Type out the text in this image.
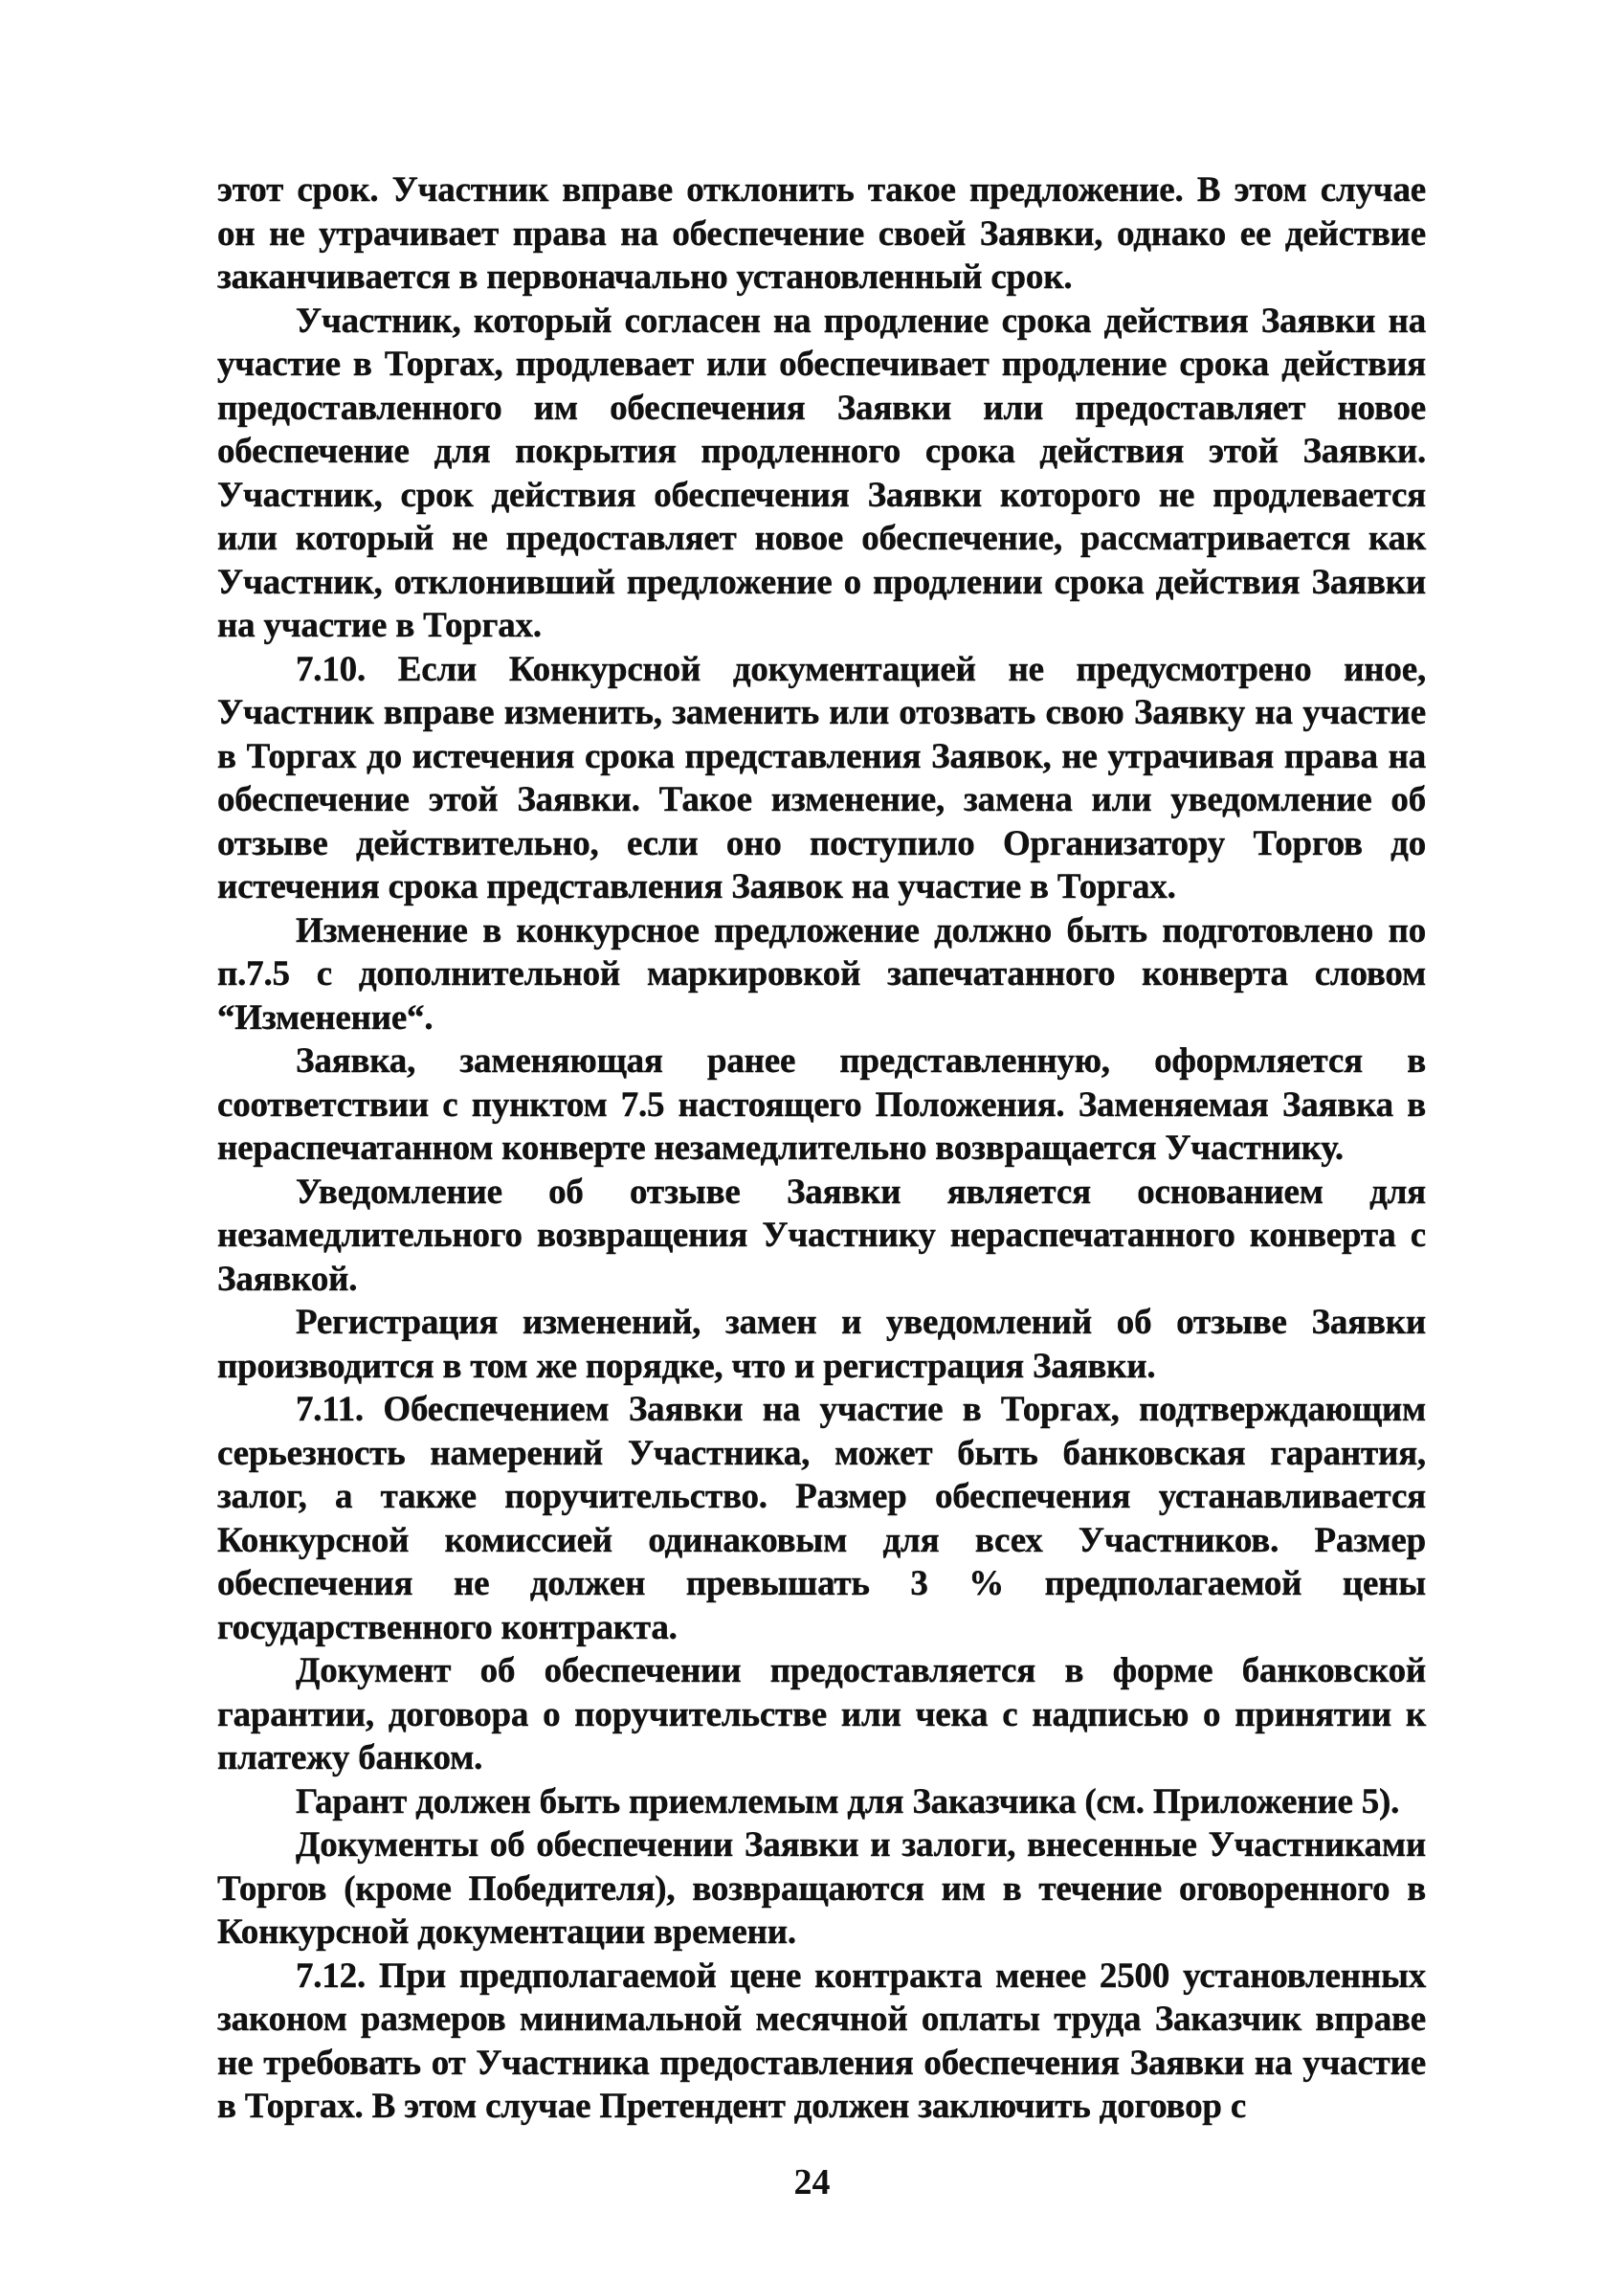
этот срок. Участник вправе отклонить такое предложение. В этом случае он не утрачивает права на обеспечение своей Заявки, однако ее действие заканчивается в первоначально установленный срок.

Участник, который согласен на продление срока действия Заявки на участие в Торгах, продлевает или обеспечивает продление срока действия предоставленного им обеспечения Заявки или предоставляет новое обеспечение для покрытия продленного срока действия этой Заявки. Участник, срок действия обеспечения Заявки которого не продлевается или который не предоставляет новое обеспечение, рассматривается как Участник, отклонивший предложение о продлении срока действия Заявки на участие в Торгах.

7.10. Если Конкурсной документацией не предусмотрено иное, Участник вправе изменить, заменить или отозвать свою Заявку на участие в Торгах до истечения срока представления Заявок, не утрачивая права на обеспечение этой Заявки. Такое изменение, замена или уведомление об отзыве действительно, если оно поступило Организатору Торгов до истечения срока представления Заявок на участие в Торгах.

Изменение в конкурсное предложение должно быть подготовлено по п.7.5 с дополнительной маркировкой запечатанного конверта словом “Изменение“.

Заявка, заменяющая ранее представленную, оформляется в соответствии с пунктом 7.5 настоящего Положения. Заменяемая Заявка в нераспечатанном конверте незамедлительно возвращается Участнику.

Уведомление об отзыве Заявки является основанием для незамедлительного возвращения Участнику нераспечатанного конверта с Заявкой.

Регистрация изменений, замен и уведомлений об отзыве Заявки производится в том же порядке, что и регистрация Заявки.

7.11. Обеспечением Заявки на участие в Торгах, подтверждающим серьезность намерений Участника, может быть банковская гарантия, залог, а также поручительство. Размер обеспечения устанавливается Конкурсной комиссией одинаковым для всех Участников. Размер обеспечения не должен превышать 3 % предполагаемой цены государственного контракта.

Документ об обеспечении предоставляется в форме банковской гарантии, договора о поручительстве или чека с надписью о принятии к платежу банком.

Гарант должен быть приемлемым для Заказчика (см. Приложение 5).

Документы об обеспечении Заявки и залоги, внесенные Участниками Торгов (кроме Победителя), возвращаются им в течение оговоренного в Конкурсной документации времени.

7.12. При предполагаемой цене контракта менее 2500 установленных законом размеров минимальной месячной оплаты труда Заказчик вправе не требовать от Участника предоставления обеспечения Заявки на участие в Торгах. В этом случае Претендент должен заключить договор с

24
